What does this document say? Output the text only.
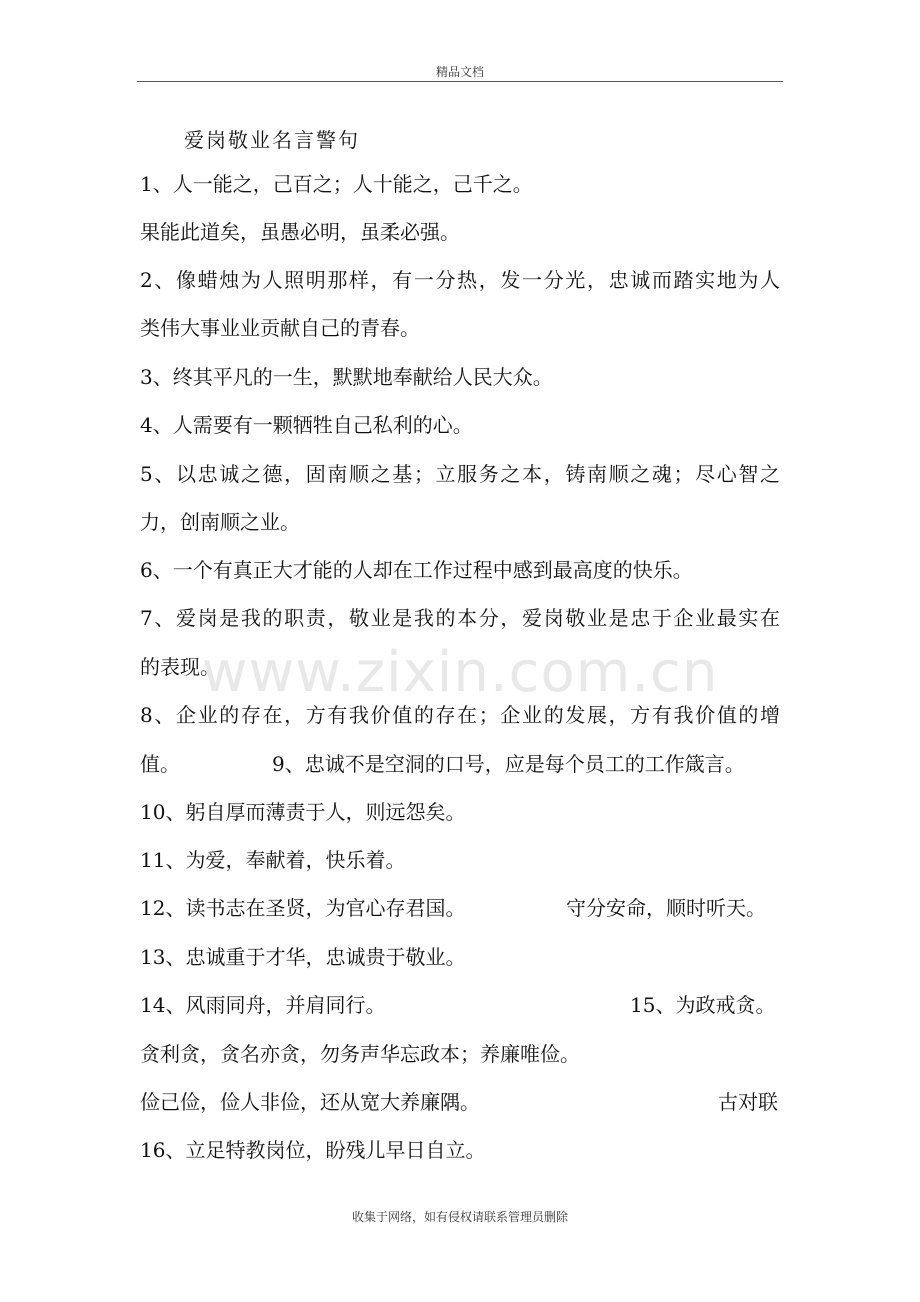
精品文档
www.zixin.com.cn
爱岗敬业名言警句
1、人一能之，己百之；人十能之，己千之。
果能此道矣，虽愚必明，虽柔必强。
2、像蜡烛为人照明那样，有一分热，发一分光，忠诚而踏实地为人
类伟大事业业贡献自己的青春。
3、终其平凡的一生，默默地奉献给人民大众。
4、人需要有一颗牺牲自己私利的心。
5、以忠诚之德，固南顺之基；立服务之本，铸南顺之魂；尽心智之
力，创南顺之业。
6、一个有真正大才能的人却在工作过程中感到最高度的快乐。
7、爱岗是我的职责，敬业是我的本分，爱岗敬业是忠于企业最实在
的表现。
8、企业的存在，方有我价值的存在；企业的发展，方有我价值的增
值。	9、忠诚不是空洞的口号，应是每个员工的工作箴言。
10、躬自厚而薄责于人，则远怨矣。
11、为爱，奉献着，快乐着。
12、读书志在圣贤，为官心存君国。	守分安命，顺时听天。
13、忠诚重于才华，忠诚贵于敬业。
14、风雨同舟，并肩同行。	15、为政戒贪。
贪利贪，贪名亦贪，勿务声华忘政本；养廉唯俭。
俭己俭，俭人非俭，还从宽大养廉隅。	古对联
16、立足特教岗位，盼残儿早日自立。
收集于网络，如有侵权请联系管理员删除
